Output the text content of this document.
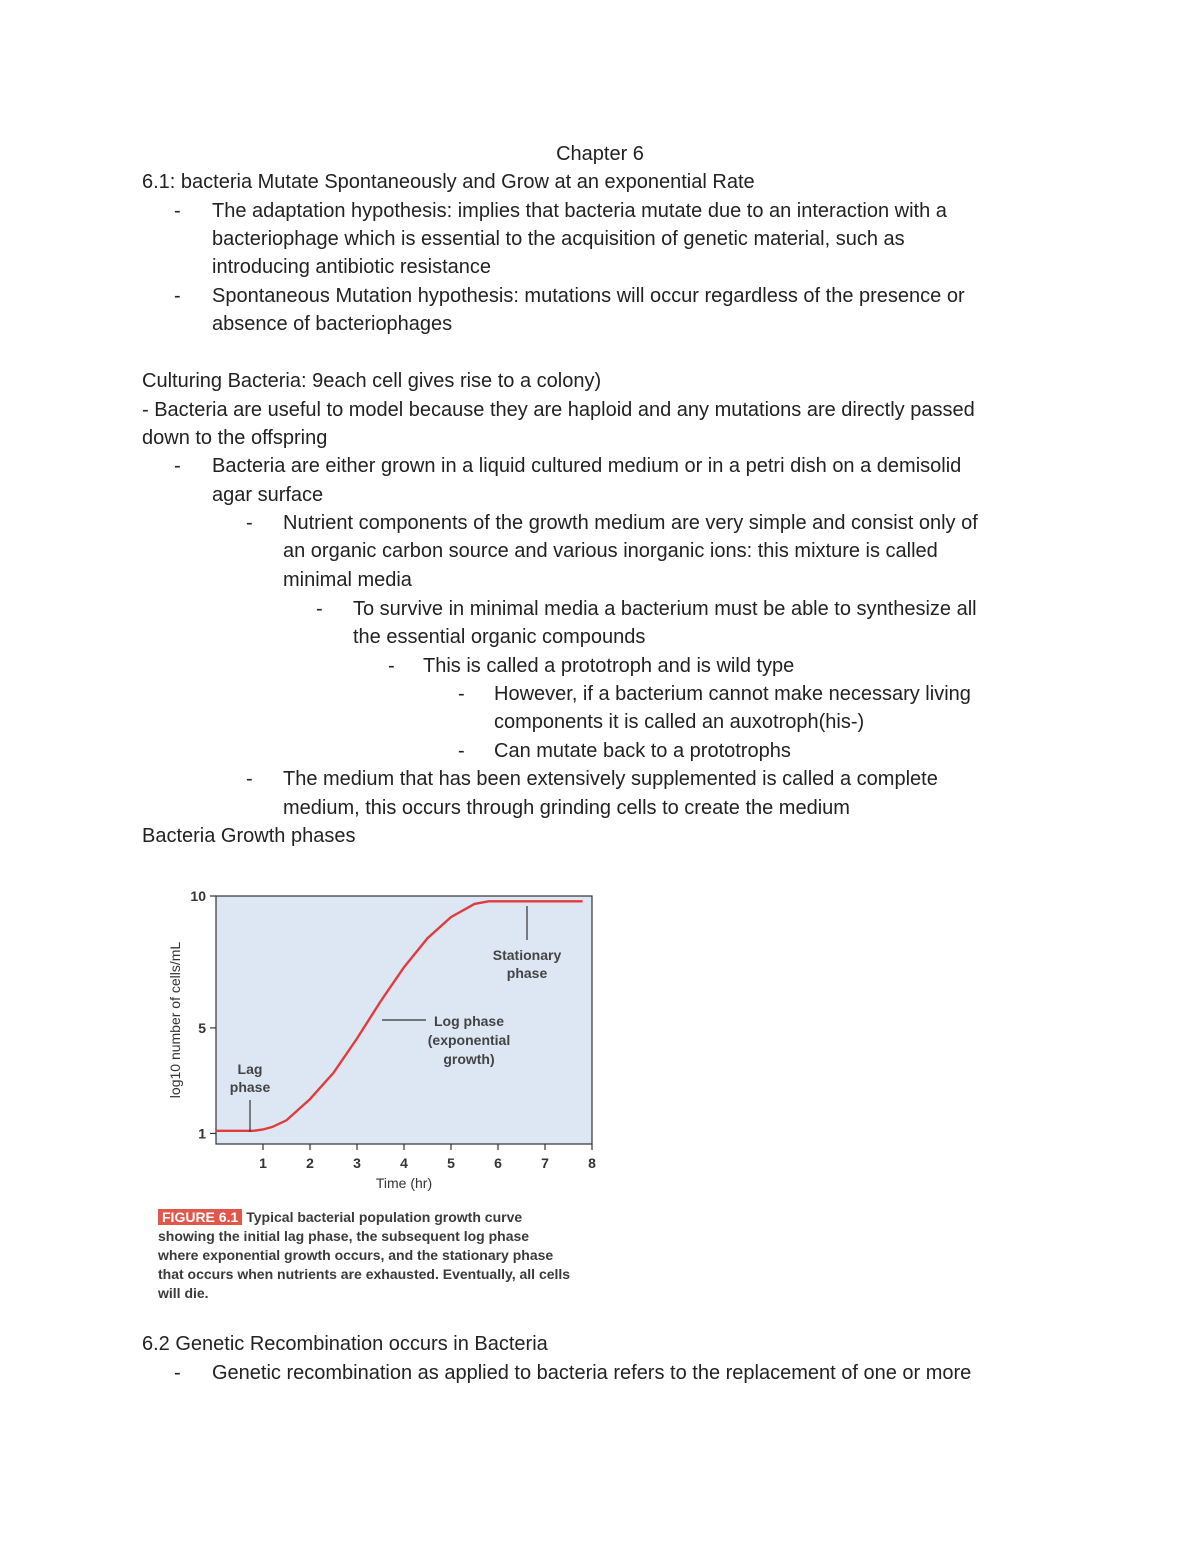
Chapter 6
6.1: bacteria Mutate Spontaneously and Grow at an exponential Rate
- The adaptation hypothesis: implies that bacteria mutate due to an interaction with a
bacteriophage which is essential to the acquisition of genetic material, such as
introducing antibiotic resistance
- Spontaneous Mutation hypothesis: mutations will occur regardless of the presence or
absence of bacteriophages
Culturing Bacteria: 9each cell gives rise to a colony)
- Bacteria are useful to model because they are haploid and any mutations are directly passed
down to the offspring
- Bacteria are either grown in a liquid cultured medium or in a petri dish on a demisolid
agar surface
- Nutrient components of the growth medium are very simple and consist only of
an organic carbon source and various inorganic ions: this mixture is called
minimal media
- To survive in minimal media a bacterium must be able to synthesize all
the essential organic compounds
- This is called a prototroph and is wild type
- However, if a bacterium cannot make necessary living
components it is called an auxotroph(his-)
- Can mutate back to a prototrophs
- The medium that has been extensively supplemented is called a complete
medium, this occurs through grinding cells to create the medium
Bacteria Growth phases
1
5
10
1	2	3	4	5	6	7	8
log10 number of cells/mL
Time (hr)
Lag
phase
Log phase
(exponential
growth)
Stationary
phase
FIGURE 6.1 Typical bacterial population growth curve
showing the initial lag phase, the subsequent log phase
where exponential growth occurs, and the stationary phase
that occurs when nutrients are exhausted. Eventually, all cells
will die.
6.2 Genetic Recombination occurs in Bacteria
- Genetic recombination as applied to bacteria refers to the replacement of one or more
